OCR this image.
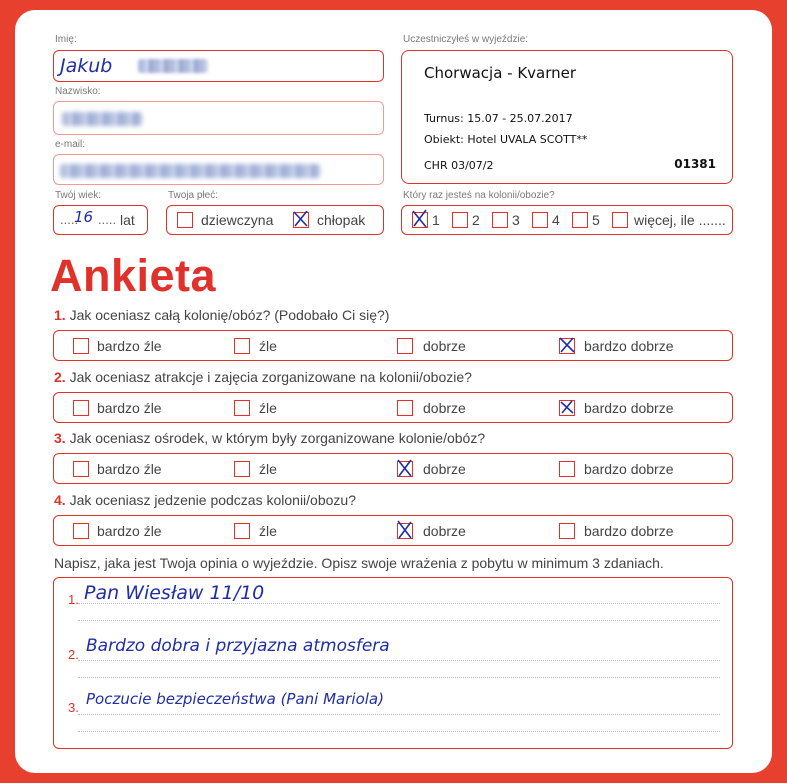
Imię:
Jakub
Nazwisko:
e-mail:
Twój wiek:
.....
16 ..... lat
Twoja płeć:
dziewczyna	chłopak
Uczestniczyłeś w wyjeździe:
Chorwacja - Kvarner
Turnus: 15.07 - 25.07.2017
Obiekt: Hotel UVALA SCOTT**
CHR 03/07/2	01381
Który raz jesteś na kolonii/obozie?
1 2 3 4 5 więcej, ile .......
Ankieta
1. Jak oceniasz całą kolonię/obóz? (Podobało Ci się?)
bardzo źle	źle	dobrze	bardzo dobrze
2. Jak oceniasz atrakcje i zajęcia zorganizowane na kolonii/obozie?
bardzo źle	źle	dobrze	bardzo dobrze
3. Jak oceniasz ośrodek, w którym były zorganizowane kolonie/obóz?
bardzo źle	źle	dobrze	bardzo dobrze
4. Jak oceniasz jedzenie podczas kolonii/obozu?
bardzo źle	źle	dobrze	bardzo dobrze
Napisz, jaka jest Twoja opinia o wyjeździe. Opisz swoje wrażenia z pobytu w minimum 3 zdaniach.
1. Pan Wiesław 11/10
2. Bardzo dobra i przyjazna atmosfera
3. Poczucie bezpieczeństwa (Pani Mariola)
